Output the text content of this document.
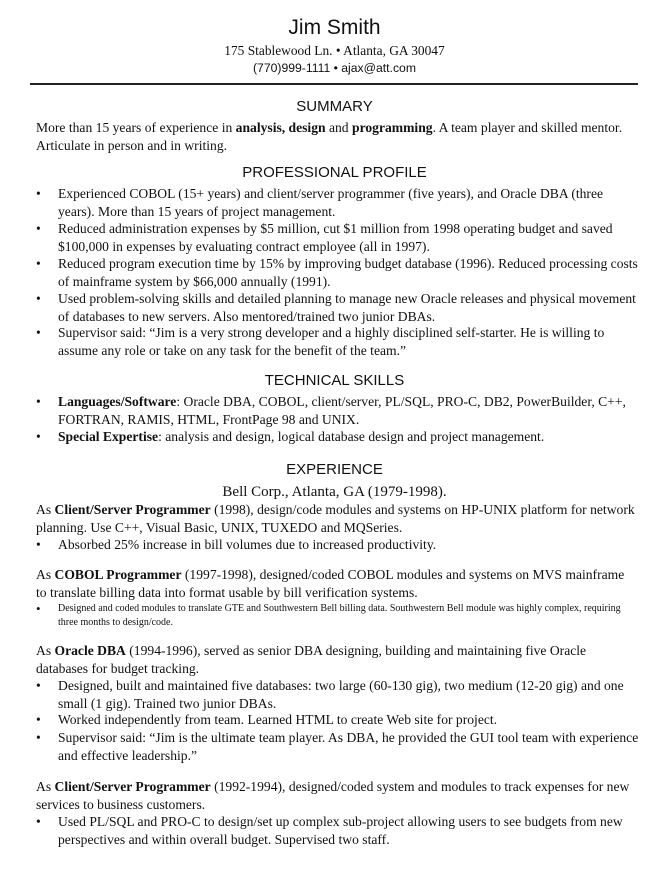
Jim Smith
175 Stablewood Ln. • Atlanta, GA 30047
(770)999-1111 • ajax@att.com
SUMMARY
More than 15 years of experience in analysis, design and programming. A team player and skilled mentor. Articulate in person and in writing.
PROFESSIONAL PROFILE
•	Experienced COBOL (15+ years) and client/server programmer (five years), and Oracle DBA (three years). More than 15 years of project management.
•	Reduced administration expenses by $5 million, cut $1 million from 1998 operating budget and saved $100,000 in expenses by evaluating contract employee (all in 1997).
•	Reduced program execution time by 15% by improving budget database (1996). Reduced processing costs of mainframe system by $66,000 annually (1991).
•	Used problem-solving skills and detailed planning to manage new Oracle releases and physical movement of databases to new servers. Also mentored/trained two junior DBAs.
•	Supervisor said: “Jim is a very strong developer and a highly disciplined self-starter. He is willing to assume any role or take on any task for the benefit of the team.”
TECHNICAL SKILLS
•	Languages/Software: Oracle DBA, COBOL, client/server, PL/SQL, PRO-C, DB2, PowerBuilder, C++, FORTRAN, RAMIS, HTML, FrontPage 98 and UNIX.
•	Special Expertise: analysis and design, logical database design and project management.
EXPERIENCE
Bell Corp., Atlanta, GA (1979-1998).
As Client/Server Programmer (1998), design/code modules and systems on HP-UNIX platform for network planning. Use C++, Visual Basic, UNIX, TUXEDO and MQSeries.
•	Absorbed 25% increase in bill volumes due to increased productivity.
As COBOL Programmer (1997-1998), designed/coded COBOL modules and systems on MVS mainframe to translate billing data into format usable by bill verification systems.
•	Designed and coded modules to translate GTE and Southwestern Bell billing data. Southwestern Bell module was highly complex, requiring three months to design/code.
As Oracle DBA (1994-1996), served as senior DBA designing, building and maintaining five Oracle databases for budget tracking.
•	Designed, built and maintained five databases: two large (60-130 gig), two medium (12-20 gig) and one small (1 gig). Trained two junior DBAs.
•	Worked independently from team. Learned HTML to create Web site for project.
•	Supervisor said: “Jim is the ultimate team player. As DBA, he provided the GUI tool team with experience and effective leadership.”
As Client/Server Programmer (1992-1994), designed/coded system and modules to track expenses for new services to business customers.
•	Used PL/SQL and PRO-C to design/set up complex sub-project allowing users to see budgets from new perspectives and within overall budget. Supervised two staff.
